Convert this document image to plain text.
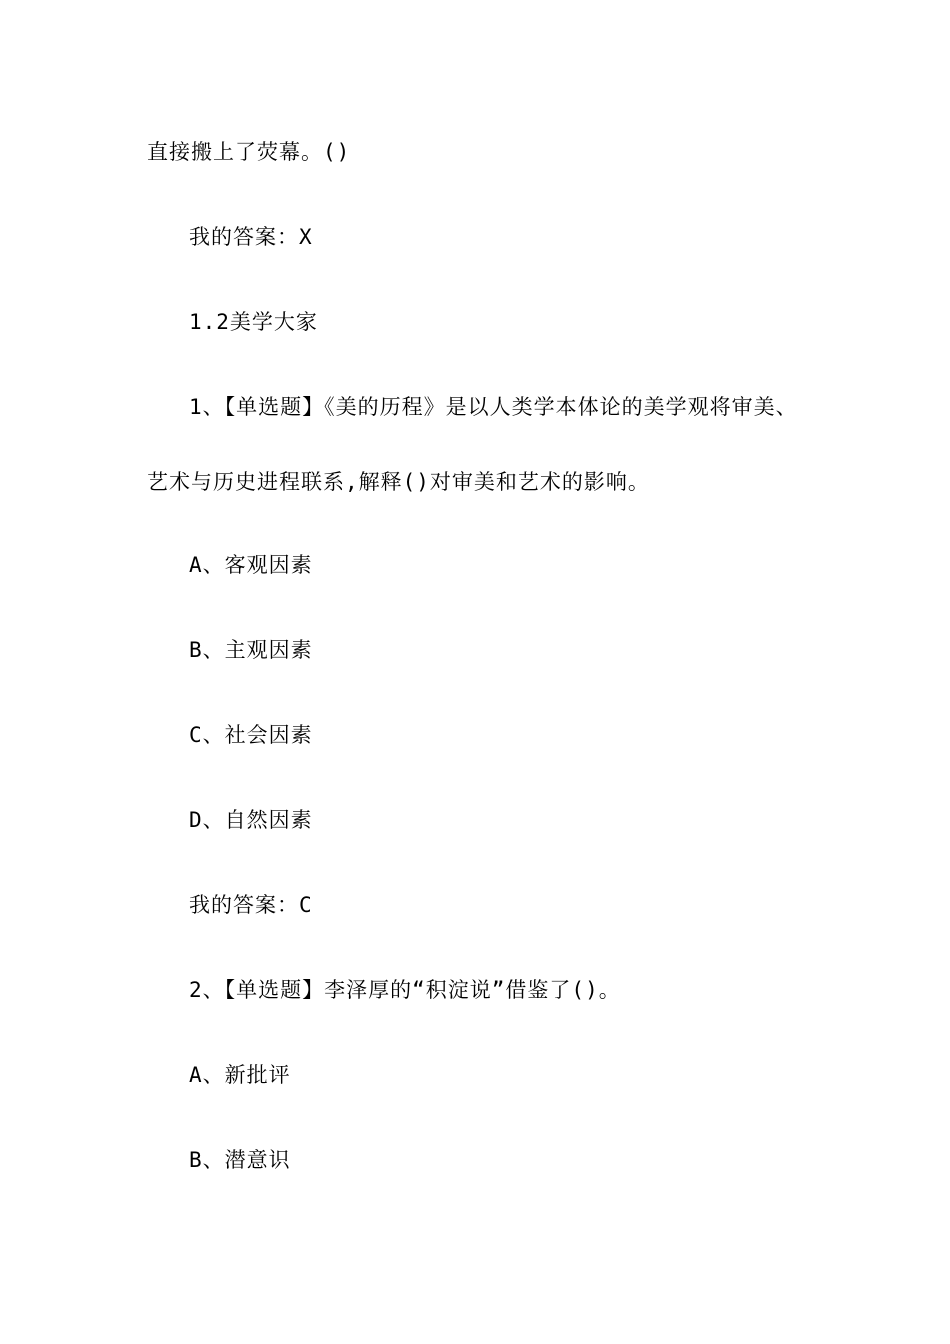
直接搬上了荧幕。()
我的答案：X
1.2美学大家
1、【单选题】《美的历程》是以人类学本体论的美学观将审美、
艺术与历史进程联系,解释()对审美和艺术的影响。
A、客观因素
B、主观因素
C、社会因素
D、自然因素
我的答案：C
2、【单选题】李泽厚的“积淀说”借鉴了()。
A、新批评
B、潜意识
